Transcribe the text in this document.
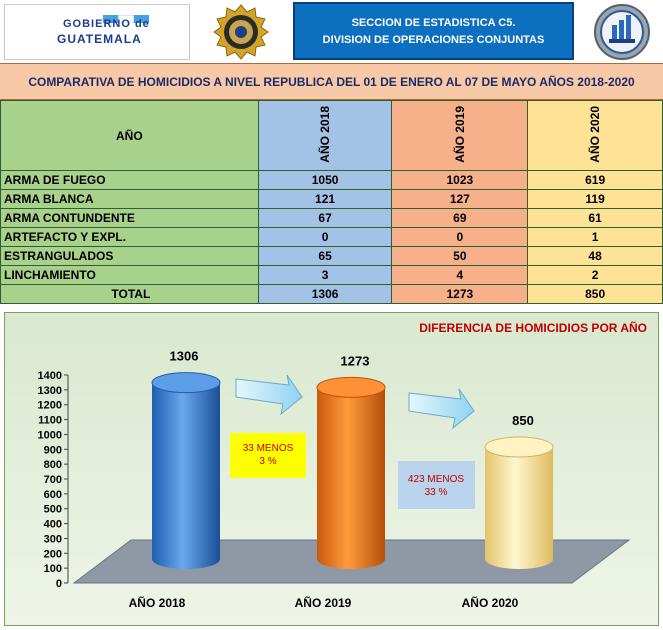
GOBIERNO de
GUATEMALA
SECCION DE ESTADISTICA C5.
DIVISION DE OPERACIONES CONJUNTAS
COMPARATIVA DE HOMICIDIOS A NIVEL REPUBLICA DEL 01 DE ENERO AL 07 DE MAYO AÑOS 2018-2020
AÑO	AÑO 2018	AÑO 2019	AÑO 2020
ARMA DE FUEGO	1050	1023	619
ARMA BLANCA	121	127	119
ARMA CONTUNDENTE	67	69	61
ARTEFACTO Y EXPL.	0	0	1
ESTRANGULADOS	65	50	48
LINCHAMIENTO	3	4	2
TOTAL	1306	1273	850
DIFERENCIA DE HOMICIDIOS POR AÑO
0
100
200
300
400
500
600
700
800
900
1000
1100
1200
1300
1400
33 MENOS
3 %
423 MENOS
33 %
1306	1273
850
AÑO 2018	AÑO 2019	AÑO 2020
